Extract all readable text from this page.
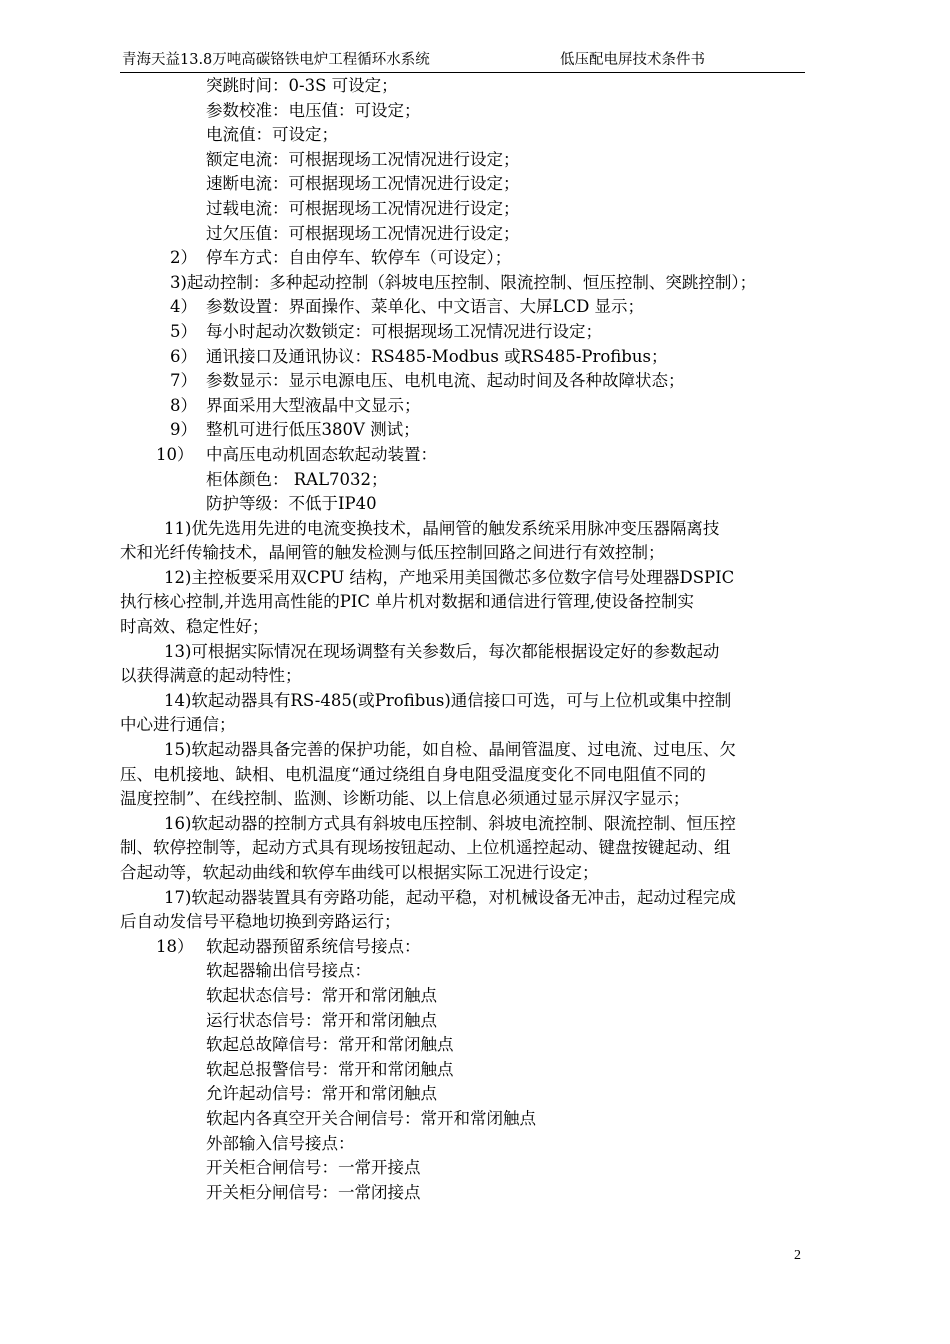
青海天益13.8万吨高碳铬铁电炉工程循环水系统	低压配电屏技术条件书
突跳时间：0-3S 可设定；
参数校准：电压值：可设定；
电流值：可设定；
额定电流：可根据现场工况情况进行设定；
速断电流：可根据现场工况情况进行设定；
过载电流：可根据现场工况情况进行设定；
过欠压值：可根据现场工况情况进行设定；
2） 停车方式：自由停车、软停车（可设定）；
3)起动控制：多种起动控制（斜坡电压控制、限流控制、恒压控制、突跳控制）；
4） 参数设置：界面操作、菜单化、中文语言、大屏LCD 显示；
5） 每小时起动次数锁定：可根据现场工况情况进行设定；
6） 通讯接口及通讯协议：RS485-Modbus 或RS485-Profibus；
7） 参数显示：显示电源电压、电机电流、起动时间及各种故障状态；
8） 界面采用大型液晶中文显示；
9） 整机可进行低压380V 测试；
10） 中高压电动机固态软起动装置：
柜体颜色： RAL7032；
防护等级：不低于IP40
11)优先选用先进的电流变换技术，晶闸管的触发系统采用脉冲变压器隔离技
术和光纤传输技术，晶闸管的触发检测与低压控制回路之间进行有效控制；
12)主控板要采用双CPU 结构，产地采用美国微芯多位数字信号处理器DSPIC
执行核心控制,并选用高性能的PIC 单片机对数据和通信进行管理,使设备控制实
时高效、稳定性好；
13)可根据实际情况在现场调整有关参数后，每次都能根据设定好的参数起动
以获得满意的起动特性；
14)软起动器具有RS-485(或Profibus)通信接口可选，可与上位机或集中控制
中心进行通信；
15)软起动器具备完善的保护功能，如自检、晶闸管温度、过电流、过电压、欠
压、电机接地、缺相、电机温度“通过绕组自身电阻受温度变化不同电阻值不同的
温度控制”、在线控制、监测、诊断功能、以上信息必须通过显示屏汉字显示；
16)软起动器的控制方式具有斜坡电压控制、斜坡电流控制、限流控制、恒压控
制、软停控制等，起动方式具有现场按钮起动、上位机遥控起动、键盘按键起动、组
合起动等，软起动曲线和软停车曲线可以根据实际工况进行设定；
17)软起动器装置具有旁路功能，起动平稳，对机械设备无冲击，起动过程完成
后自动发信号平稳地切换到旁路运行；
18） 软起动器预留系统信号接点：
软起器输出信号接点：
软起状态信号：常开和常闭触点
运行状态信号：常开和常闭触点
软起总故障信号：常开和常闭触点
软起总报警信号：常开和常闭触点
允许起动信号：常开和常闭触点
软起内各真空开关合闸信号：常开和常闭触点
外部输入信号接点：
开关柜合闸信号：一常开接点
开关柜分闸信号：一常闭接点
2
